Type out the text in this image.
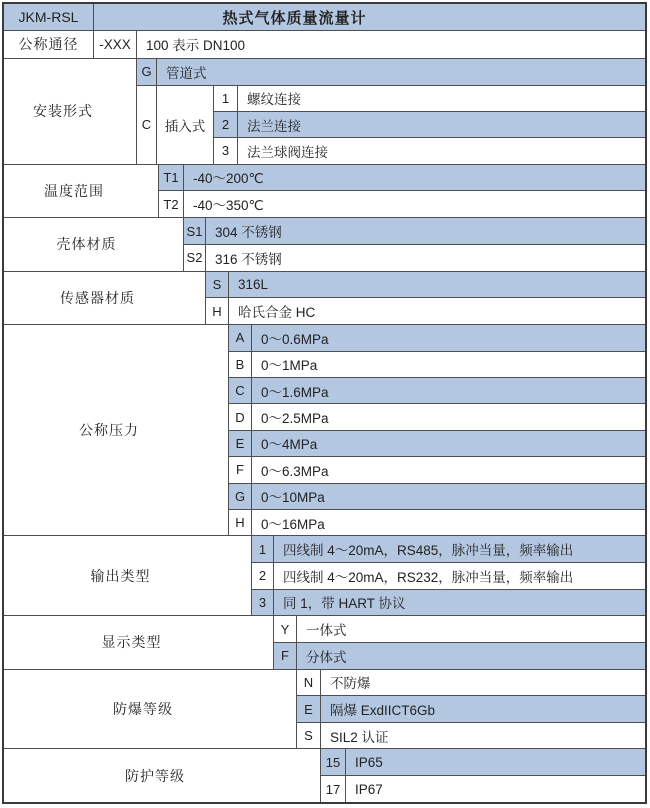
JKM-RSL	热式气体质量流量计
公称通径	-XXX	100 表示 DN100
安装形式
G	管道式
C	插入式
1	螺纹连接
2	法兰连接
3	法兰球阀连接
温度范围
T1	-40～200℃
T2	-40～350℃
壳体材质
S1 304 不锈钢
S2 316 不锈钢
传感器材质
S	316L
H	哈氏合金 HC
公称压力
A	0～0.6MPa
B	0～1MPa
C	0～1.6MPa
D	0～2.5MPa
E	0～4MPa
F	0～6.3MPa
G	0～10MPa
H	0～16MPa
输出类型
1	四线制 4～20mA，RS485，脉冲当量，频率输出
2	四线制 4～20mA，RS232，脉冲当量，频率输出
3	同 1，带 HART 协议
显示类型
Y	一体式
F	分体式
防爆等级
N	不防爆
E	隔爆 ExdIICT6Gb
S	SIL2 认证
防护等级
15	IP65
17	IP67
